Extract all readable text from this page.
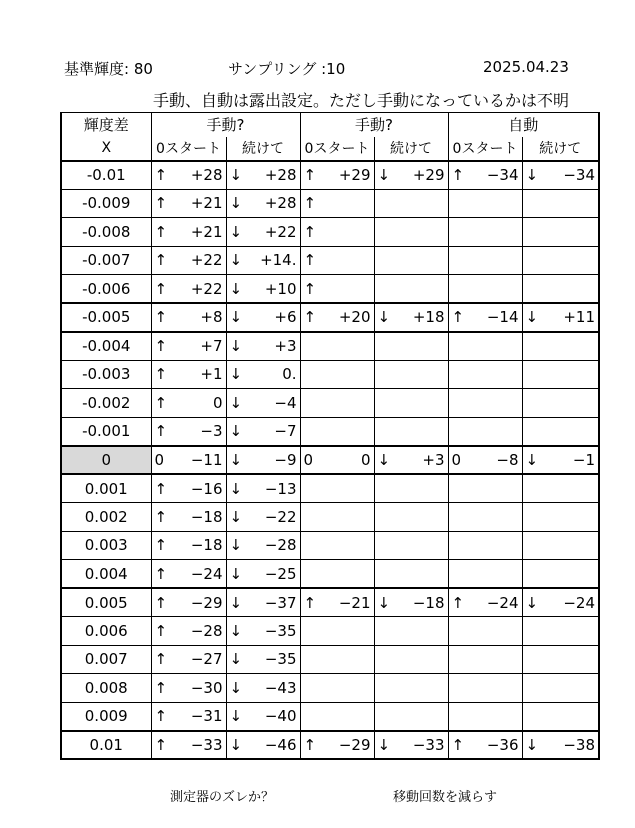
基準輝度: 80	サンプリング :10	2025.04.23
手動、自動は露出設定。ただし手動になっているかは不明
輝度差	手動?		手動?		自動	
X	0スタート	続けて	0スタート	続けて	0スタート	続けて
-0.01	↑ +28	↓ +28	↑ +29	↓ +29	↑ −34	↓ −34

-0.009	↑ +21	↓ +28	↑

-0.008	↑ +21	↓ +22	↑

-0.007	↑ +22	↓ +14.	↑

-0.006	↑ +22	↓ +10	↑

-0.005	↑ +8	↓ +6	↑ +20	↓ +18	↑ −14	↓ +11

-0.004	↑ +7	↓ +3				

-0.003	↑ +1	↓ 0.				

-0.002	↑ 0	↓ −4				

-0.001	↑ −3	↓ −7				

0	0 −11	↓ −9	0 0	↓ +3	0 −8	↓ −1

0.001	↑ −16	↓ −13				

0.002	↑ −18	↓ −22				

0.003	↑ −18	↓ −28				

0.004	↑ −24	↓ −25				

0.005	↑ −29	↓ −37	↑ −21	↓ −18	↑ −24	↓ −24

0.006	↑ −28	↓ −35				

0.007	↑ −27	↓ −35				

0.008	↑ −30	↓ −43				

0.009	↑ −31	↓ −40				

0.01	↑ −33	↓ −46	↑ −29	↓ −33	↑ −36	↓ −38
測定器のズレか？	移動回数を減らす
